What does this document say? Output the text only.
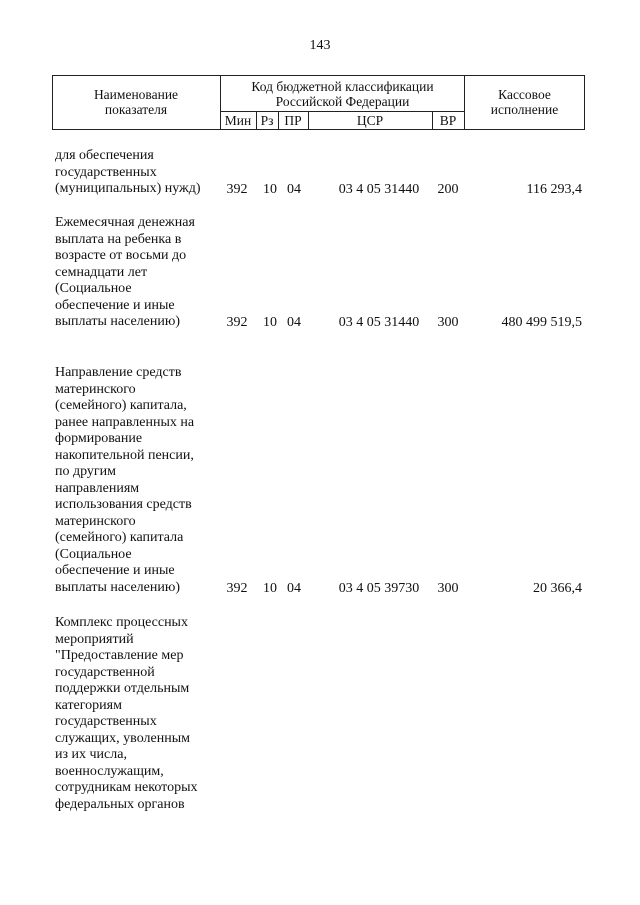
143
Наименование
показателя
Код бюджетной классификации
Российской Федерации
Мин Рз ПР	ЦСР	ВР
Кассовое
исполнение
для обеспечения
государственных
(муниципальных) нужд)	392 10 04	03 4 05 31440	200	116 293,4
Ежемесячная денежная
выплата на ребенка в
возрасте от восьми до
семнадцати лет
(Социальное
обеспечение и иные
выплаты населению)	392 10 04	03 4 05 31440	300	480 499 519,5
Направление средств
материнского
(семейного) капитала,
ранее направленных на
формирование
накопительной пенсии,
по другим
направлениям
использования средств
материнского
(семейного) капитала
(Социальное
обеспечение и иные
выплаты населению)	392 10 04	03 4 05 39730	300	20 366,4
Комплекс процессных
мероприятий
"Предоставление мер
государственной
поддержки отдельным
категориям
государственных
служащих, уволенным
из их числа,
военнослужащим,
сотрудникам некоторых
федеральных органов
